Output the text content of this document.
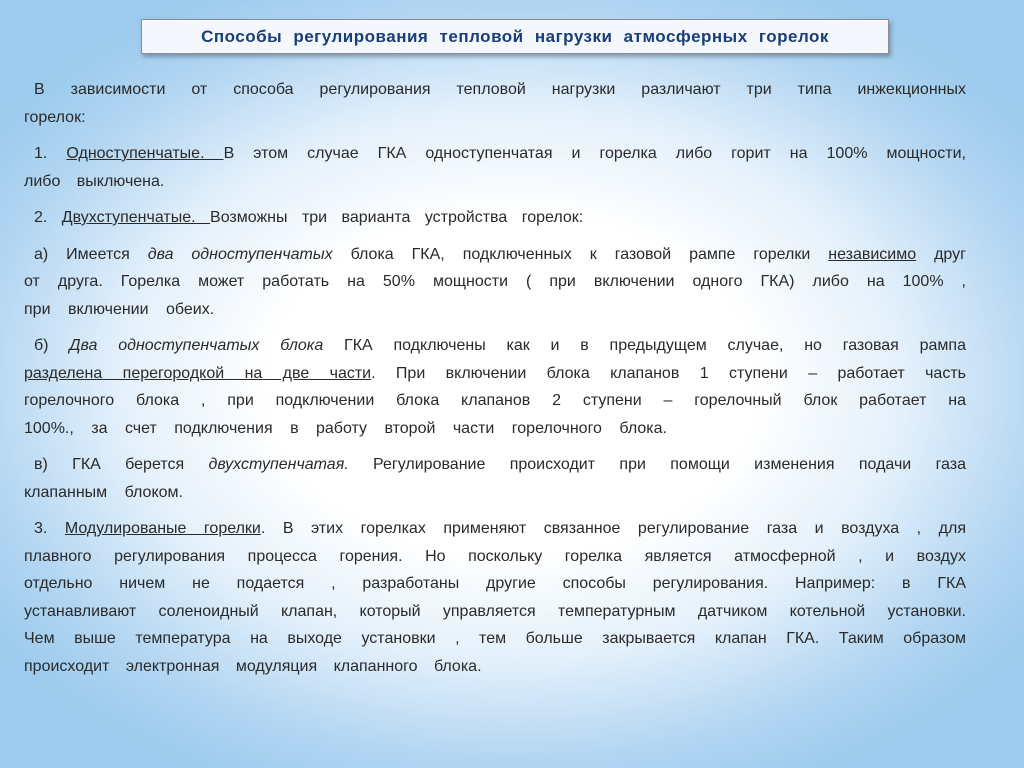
Способы регулирования тепловой нагрузки атмосферных горелок

В зависимости от способа регулирования тепловой нагрузки различают три типа инжекционных горелок:

1. Одноступенчатые. В этом случае ГКА одноступенчатая и горелка либо горит на 100% мощности, либо выключена.

2. Двухступенчатые. Возможны три варианта устройства горелок:

а) Имеется два одноступенчатых блока ГКА, подключенных к газовой рампе горелки независимо друг от друга. Горелка может работать на 50% мощности ( при включении одного ГКА) либо на 100% , при включении обеих.

б) Два одноступенчатых блока ГКА подключены как и в предыдущем случае, но газовая рампа разделена перегородкой на две части. При включении блока клапанов 1 ступени – работает часть горелочного блока , при подключении блока клапанов 2 ступени – горелочный блок работает на 100%., за счет подключения в работу второй части горелочного блока.

в) ГКА берется двухступенчатая. Регулирование происходит при помощи изменения подачи газа клапанным блоком.

3. Модулированые горелки. В этих горелках применяют связанное регулирование газа и воздуха , для плавного регулирования процесса горения. Но поскольку горелка является атмосферной , и воздух отдельно ничем не подается , разработаны другие способы регулирования. Например: в ГКА устанавливают соленоидный клапан, который управляется температурным датчиком котельной установки. Чем выше температура на выходе установки , тем больше закрывается клапан ГКА. Таким образом происходит электронная модуляция клапанного блока.
